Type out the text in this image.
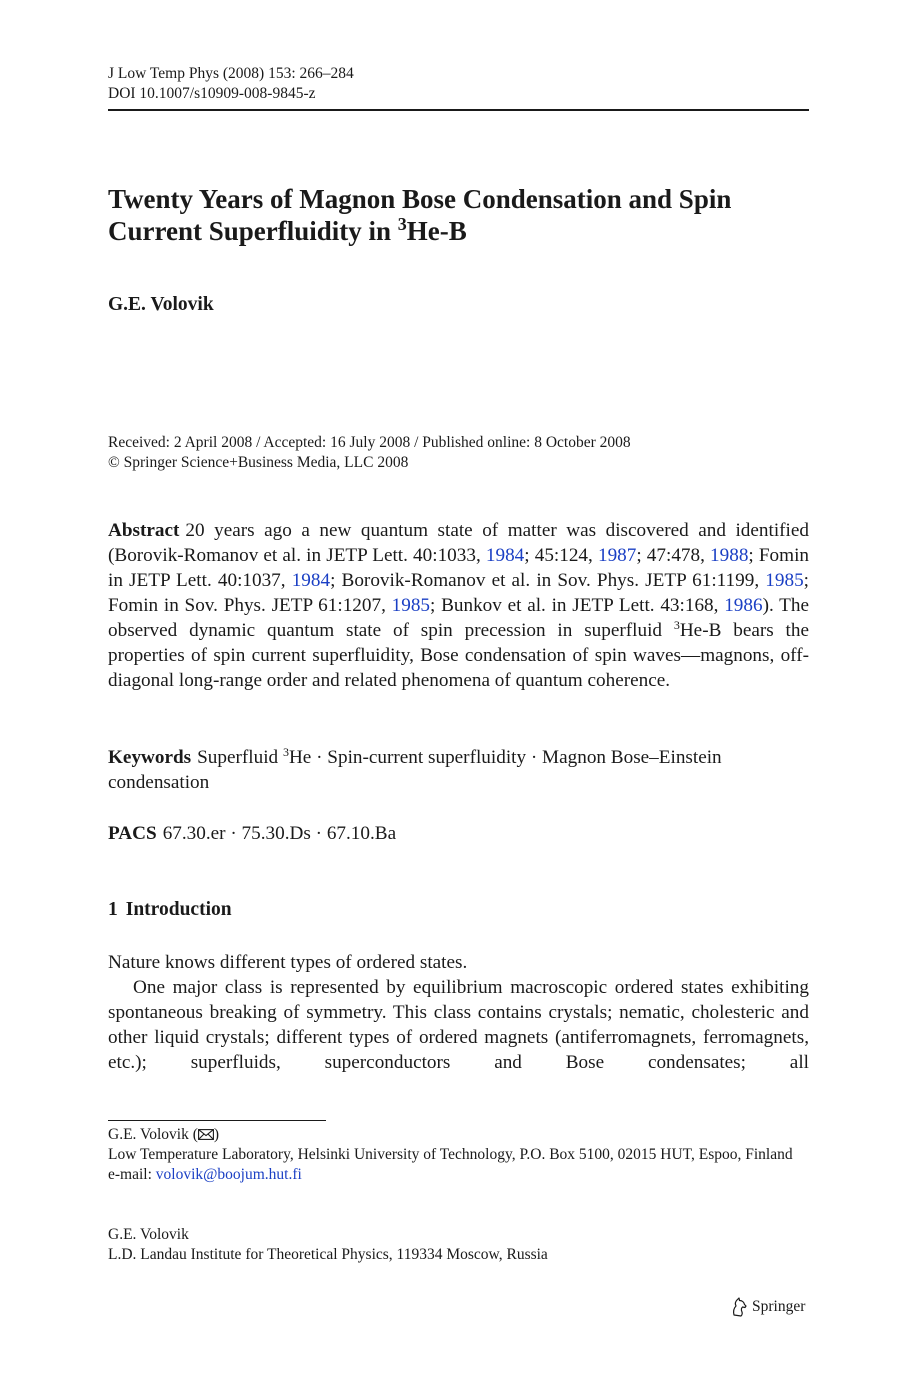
J Low Temp Phys (2008) 153: 266–284
DOI 10.1007/s10909-008-9845-z
Twenty Years of Magnon Bose Condensation and Spin
Current Superfluidity in $^3$He-B
G.E. Volovik
Received: 2 April 2008 / Accepted: 16 July 2008 / Published online: 8 October 2008
© Springer Science+Business Media, LLC 2008
Abstract 20 years ago a new quantum state of matter was discovered and identified (Borovik-Romanov et al. in JETP Lett. 40:1033, 1984; 45:124, 1987; 47:478, 1988; Fomin in JETP Lett. 40:1037, 1984; Borovik-Romanov et al. in Sov. Phys. JETP 61:1199, 1985; Fomin in Sov. Phys. JETP 61:1207, 1985; Bunkov et al. in JETP Lett. 43:168, 1986). The observed dynamic quantum state of spin precession in superfluid $^3$He-B bears the properties of spin current superfluidity, Bose condensation of spin waves—magnons, off-diagonal long-range order and related phenomena of quantum coherence.
Keywords Superfluid $^3$He · Spin-current superfluidity · Magnon Bose–Einstein condensation
PACS 67.30.er · 75.30.Ds · 67.10.Ba
1 Introduction
Nature knows different types of ordered states.
One major class is represented by equilibrium macroscopic ordered states exhibiting spontaneous breaking of symmetry. This class contains crystals; nematic, cholesteric and other liquid crystals; different types of ordered magnets (antiferromagnets, ferromagnets, etc.); superfluids, superconductors and Bose condensates; all
G.E. Volovik ( )
Low Temperature Laboratory, Helsinki University of Technology, P.O. Box 5100, 02015 HUT, Espoo, Finland
e-mail: volovik@boojum.hut.fi
G.E. Volovik
L.D. Landau Institute for Theoretical Physics, 119334 Moscow, Russia
Springer
